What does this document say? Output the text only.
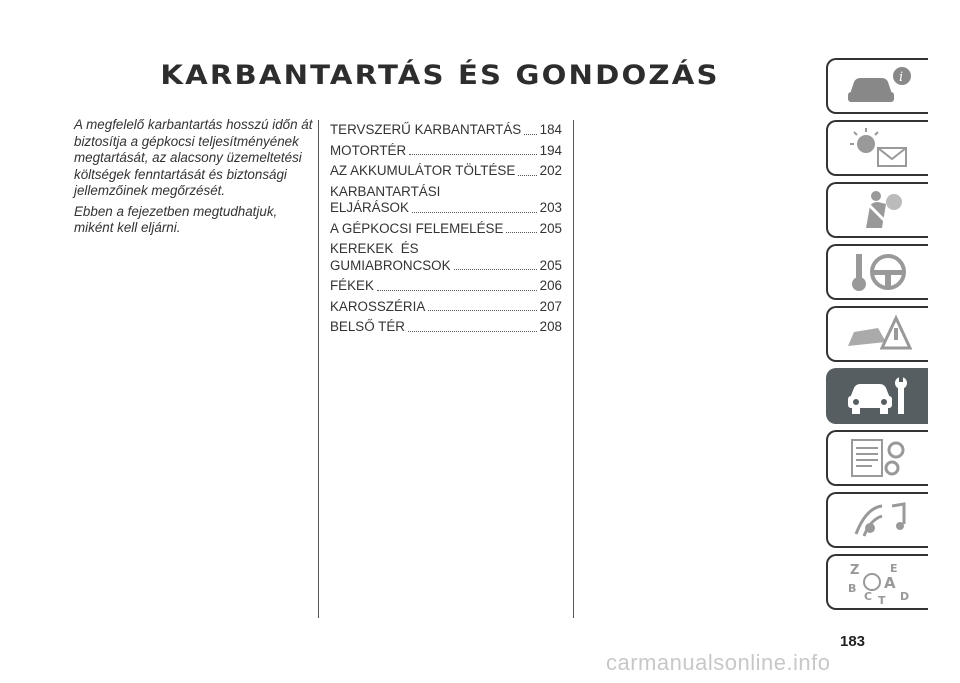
KARBANTARTÁS ÉS GONDOZÁS

A megfelelő karbantartás hosszú időn át biztosítja a gépkocsi teljesítményének megtartását, az alacsony üzemeltetési költségek fenntartását és biztonsági jellemzőinek megőrzését.

Ebben a fejezetben megtudhatjuk, miként kell eljárni.

TERVSZERŰ KARBANTARTÁS 184
MOTORTÉR	194
AZ AKKUMULÁTOR TÖLTÉSE 202
KARBANTARTÁSI
ELJÁRÁSOK	203
A GÉPKOCSI FELEMELÉSE	205
KEREKEK  ÉS
GUMIABRONCSOK	205
FÉKEK	206
KAROSSZÉRIA	207
BELSŐ TÉR	208
i
Z	E
B A
C T D
183
carmanualsonline.info
